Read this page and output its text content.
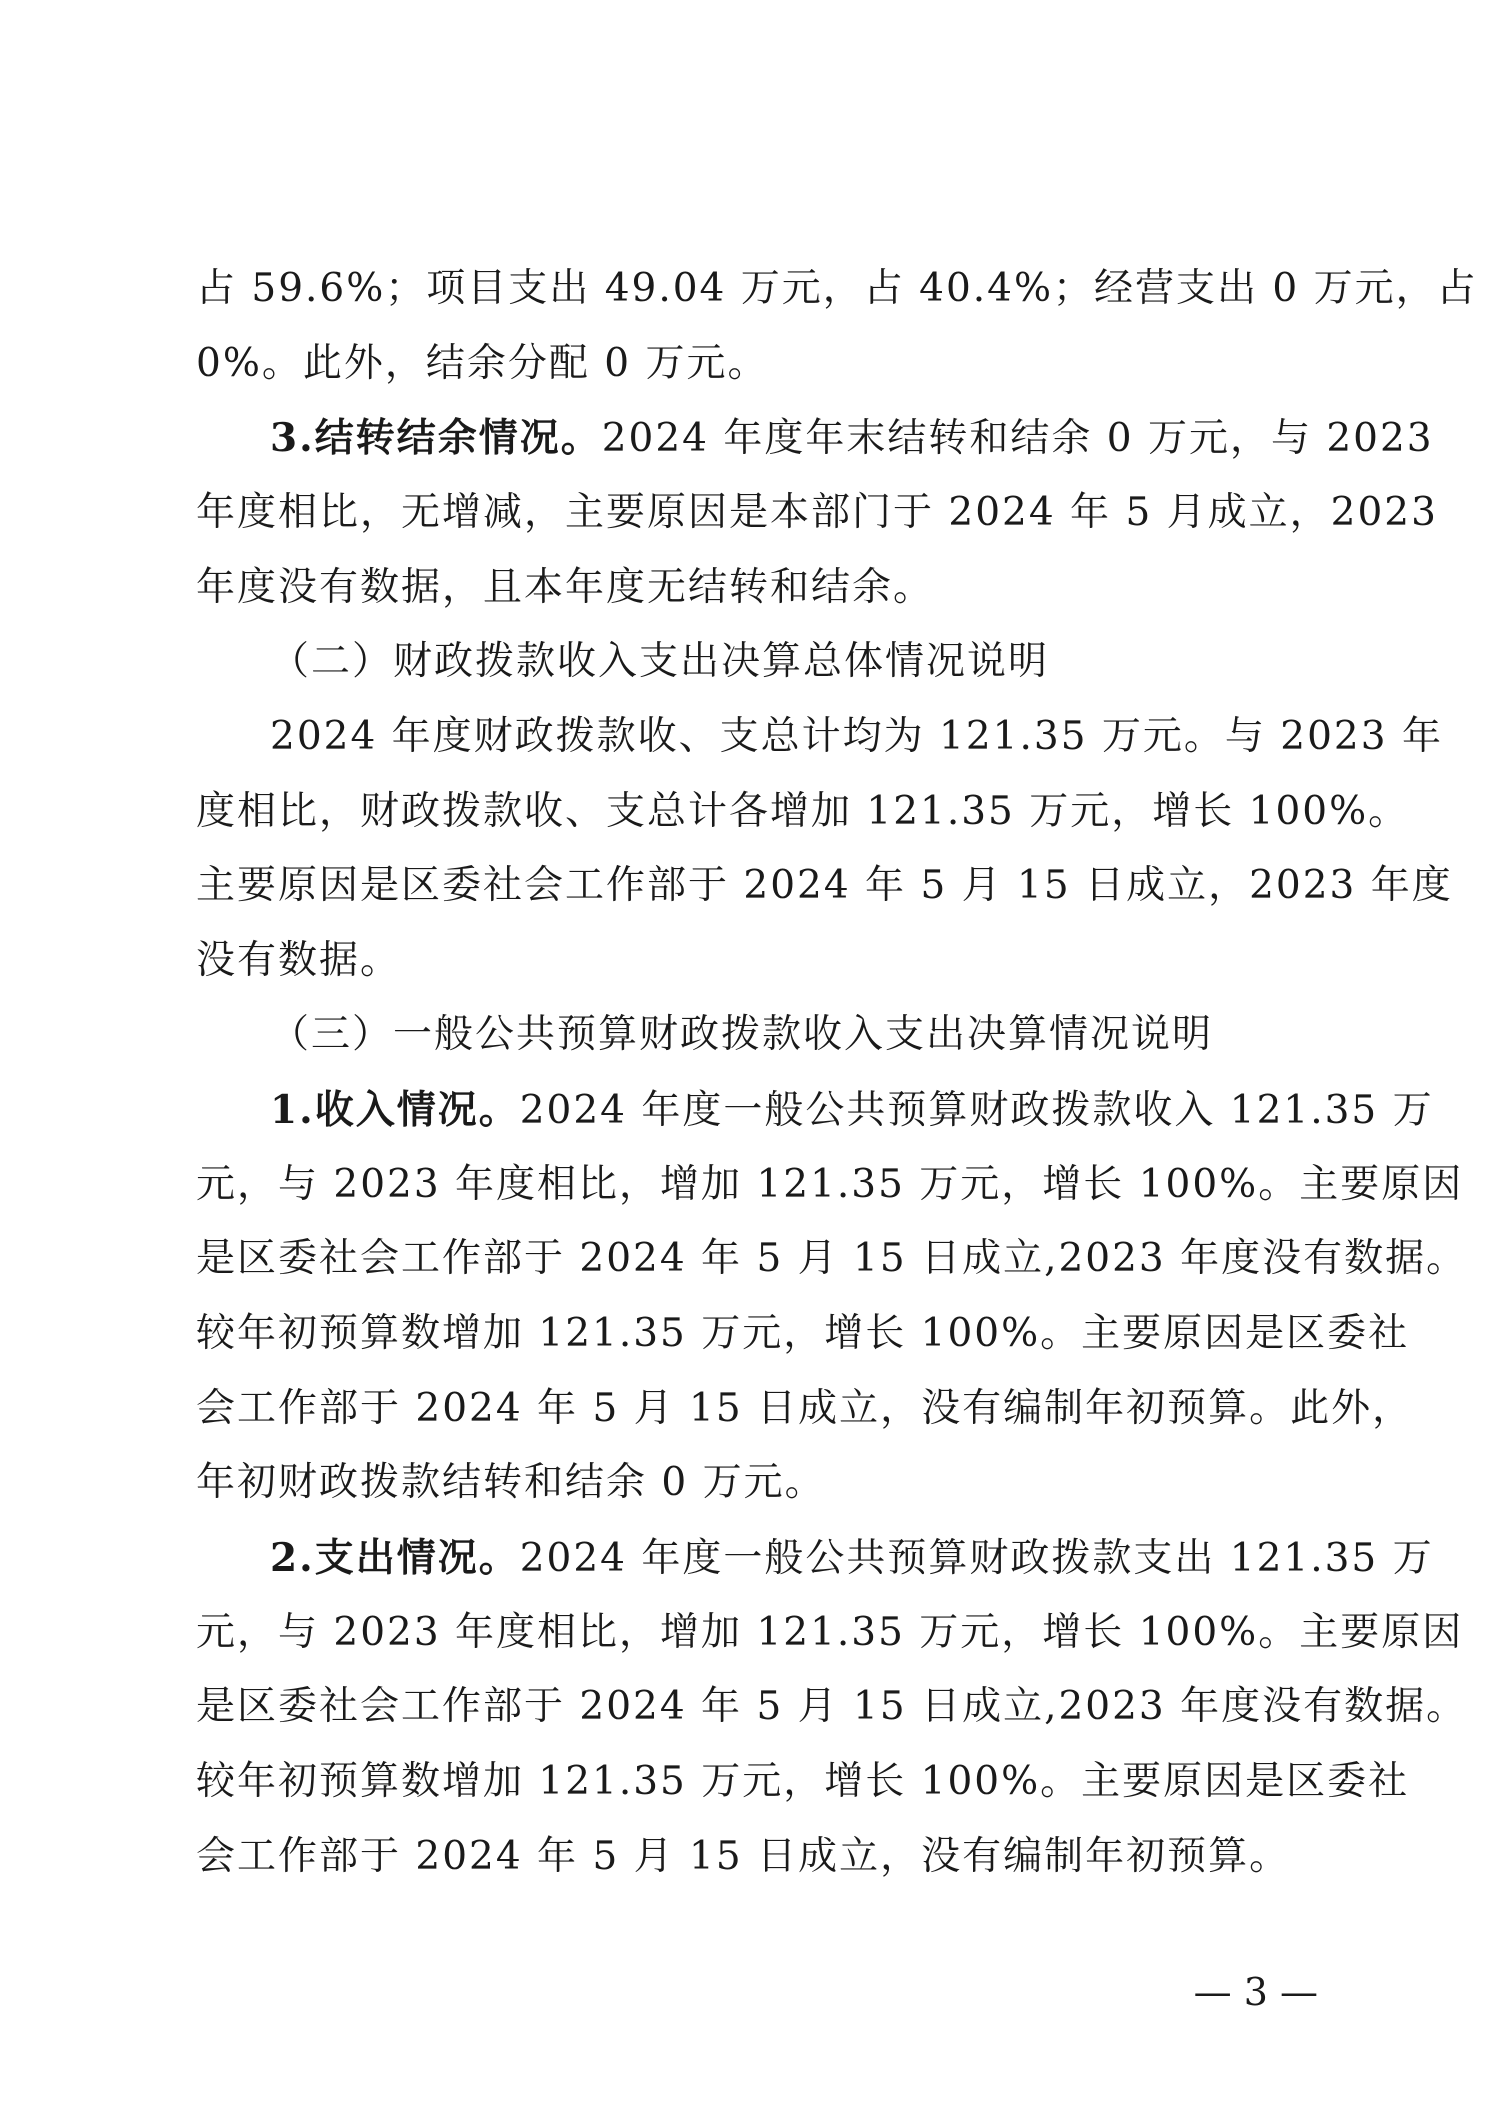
占 59.6%；项目支出 49.04 万元，占 40.4%；经营支出 0 万元，占
0%。此外，结余分配 0 万元。
3.结转结余情况。2024 年度年末结转和结余 0 万元，与 2023
年度相比，无增减，主要原因是本部门于 2024 年 5 月成立，2023
年度没有数据，且本年度无结转和结余。
（二）财政拨款收入支出决算总体情况说明
2024 年度财政拨款收、支总计均为 121.35 万元。与 2023 年
度相比，财政拨款收、支总计各增加 121.35 万元，增长 100%。
主要原因是区委社会工作部于 2024 年 5 月 15 日成立，2023 年度
没有数据。
（三）一般公共预算财政拨款收入支出决算情况说明
1.收入情况。2024 年度一般公共预算财政拨款收入 121.35 万
元，与 2023 年度相比，增加 121.35 万元，增长 100%。主要原因
是区委社会工作部于 2024 年 5 月 15 日成立,2023 年度没有数据。
较年初预算数增加 121.35 万元，增长 100%。主要原因是区委社
会工作部于 2024 年 5 月 15 日成立，没有编制年初预算。此外，
年初财政拨款结转和结余 0 万元。
2.支出情况。2024 年度一般公共预算财政拨款支出 121.35 万
元，与 2023 年度相比，增加 121.35 万元，增长 100%。主要原因
是区委社会工作部于 2024 年 5 月 15 日成立,2023 年度没有数据。
较年初预算数增加 121.35 万元，增长 100%。主要原因是区委社
会工作部于 2024 年 5 月 15 日成立，没有编制年初预算。
— 3 —
